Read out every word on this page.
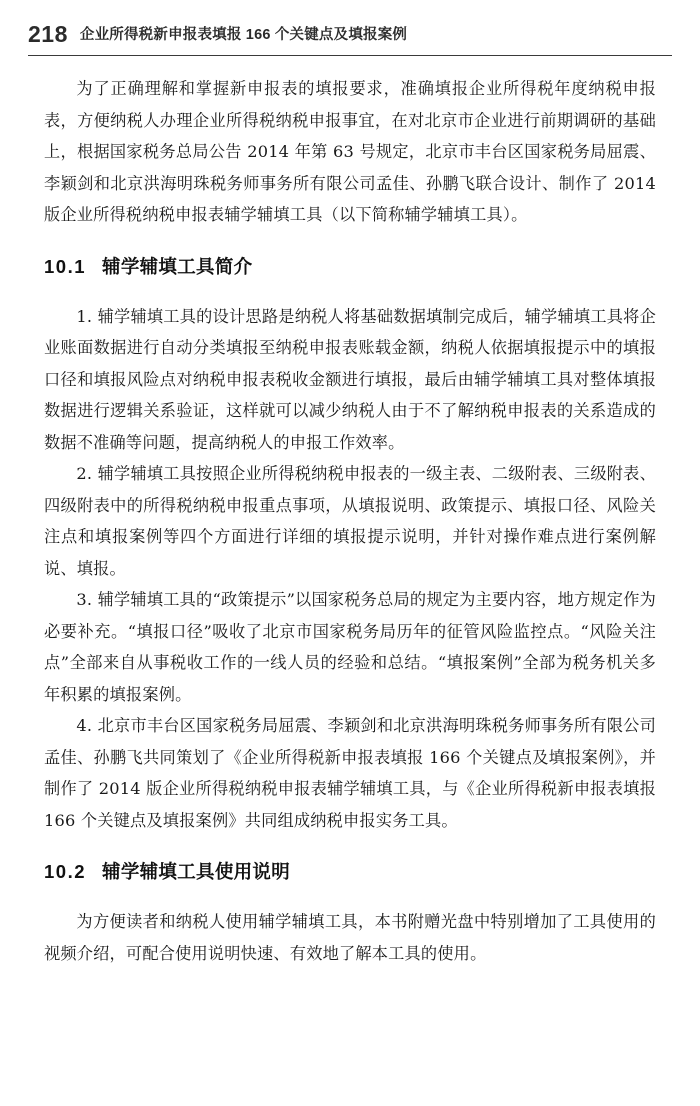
218 企业所得税新申报表填报 166 个关键点及填报案例

为了正确理解和掌握新申报表的填报要求，准确填报企业所得税年度纳税申报表，方便纳税人办理企业所得税纳税申报事宜，在对北京市企业进行前期调研的基础上，根据国家税务总局公告 2014 年第 63 号规定，北京市丰台区国家税务局屈震、李颖剑和北京洪海明珠税务师事务所有限公司孟佳、孙鹏飞联合设计、制作了 2014 版企业所得税纳税申报表辅学辅填工具（以下简称辅学辅填工具）。

10.1 辅学辅填工具简介

1. 辅学辅填工具的设计思路是纳税人将基础数据填制完成后，辅学辅填工具将企业账面数据进行自动分类填报至纳税申报表账载金额，纳税人依据填报提示中的填报口径和填报风险点对纳税申报表税收金额进行填报，最后由辅学辅填工具对整体填报数据进行逻辑关系验证，这样就可以减少纳税人由于不了解纳税申报表的关系造成的数据不准确等问题，提高纳税人的申报工作效率。

2. 辅学辅填工具按照企业所得税纳税申报表的一级主表、二级附表、三级附表、四级附表中的所得税纳税申报重点事项，从填报说明、政策提示、填报口径、风险关注点和填报案例等四个方面进行详细的填报提示说明，并针对操作难点进行案例解说、填报。

3. 辅学辅填工具的“政策提示”以国家税务总局的规定为主要内容，地方规定作为必要补充。“填报口径”吸收了北京市国家税务局历年的征管风险监控点。“风险关注点”全部来自从事税收工作的一线人员的经验和总结。“填报案例”全部为税务机关多年积累的填报案例。

4. 北京市丰台区国家税务局屈震、李颖剑和北京洪海明珠税务师事务所有限公司孟佳、孙鹏飞共同策划了《企业所得税新申报表填报 166 个关键点及填报案例》，并制作了 2014 版企业所得税纳税申报表辅学辅填工具，与《企业所得税新申报表填报 166 个关键点及填报案例》共同组成纳税申报实务工具。

10.2 辅学辅填工具使用说明

为方便读者和纳税人使用辅学辅填工具，本书附赠光盘中特别增加了工具使用的视频介绍，可配合使用说明快速、有效地了解本工具的使用。
